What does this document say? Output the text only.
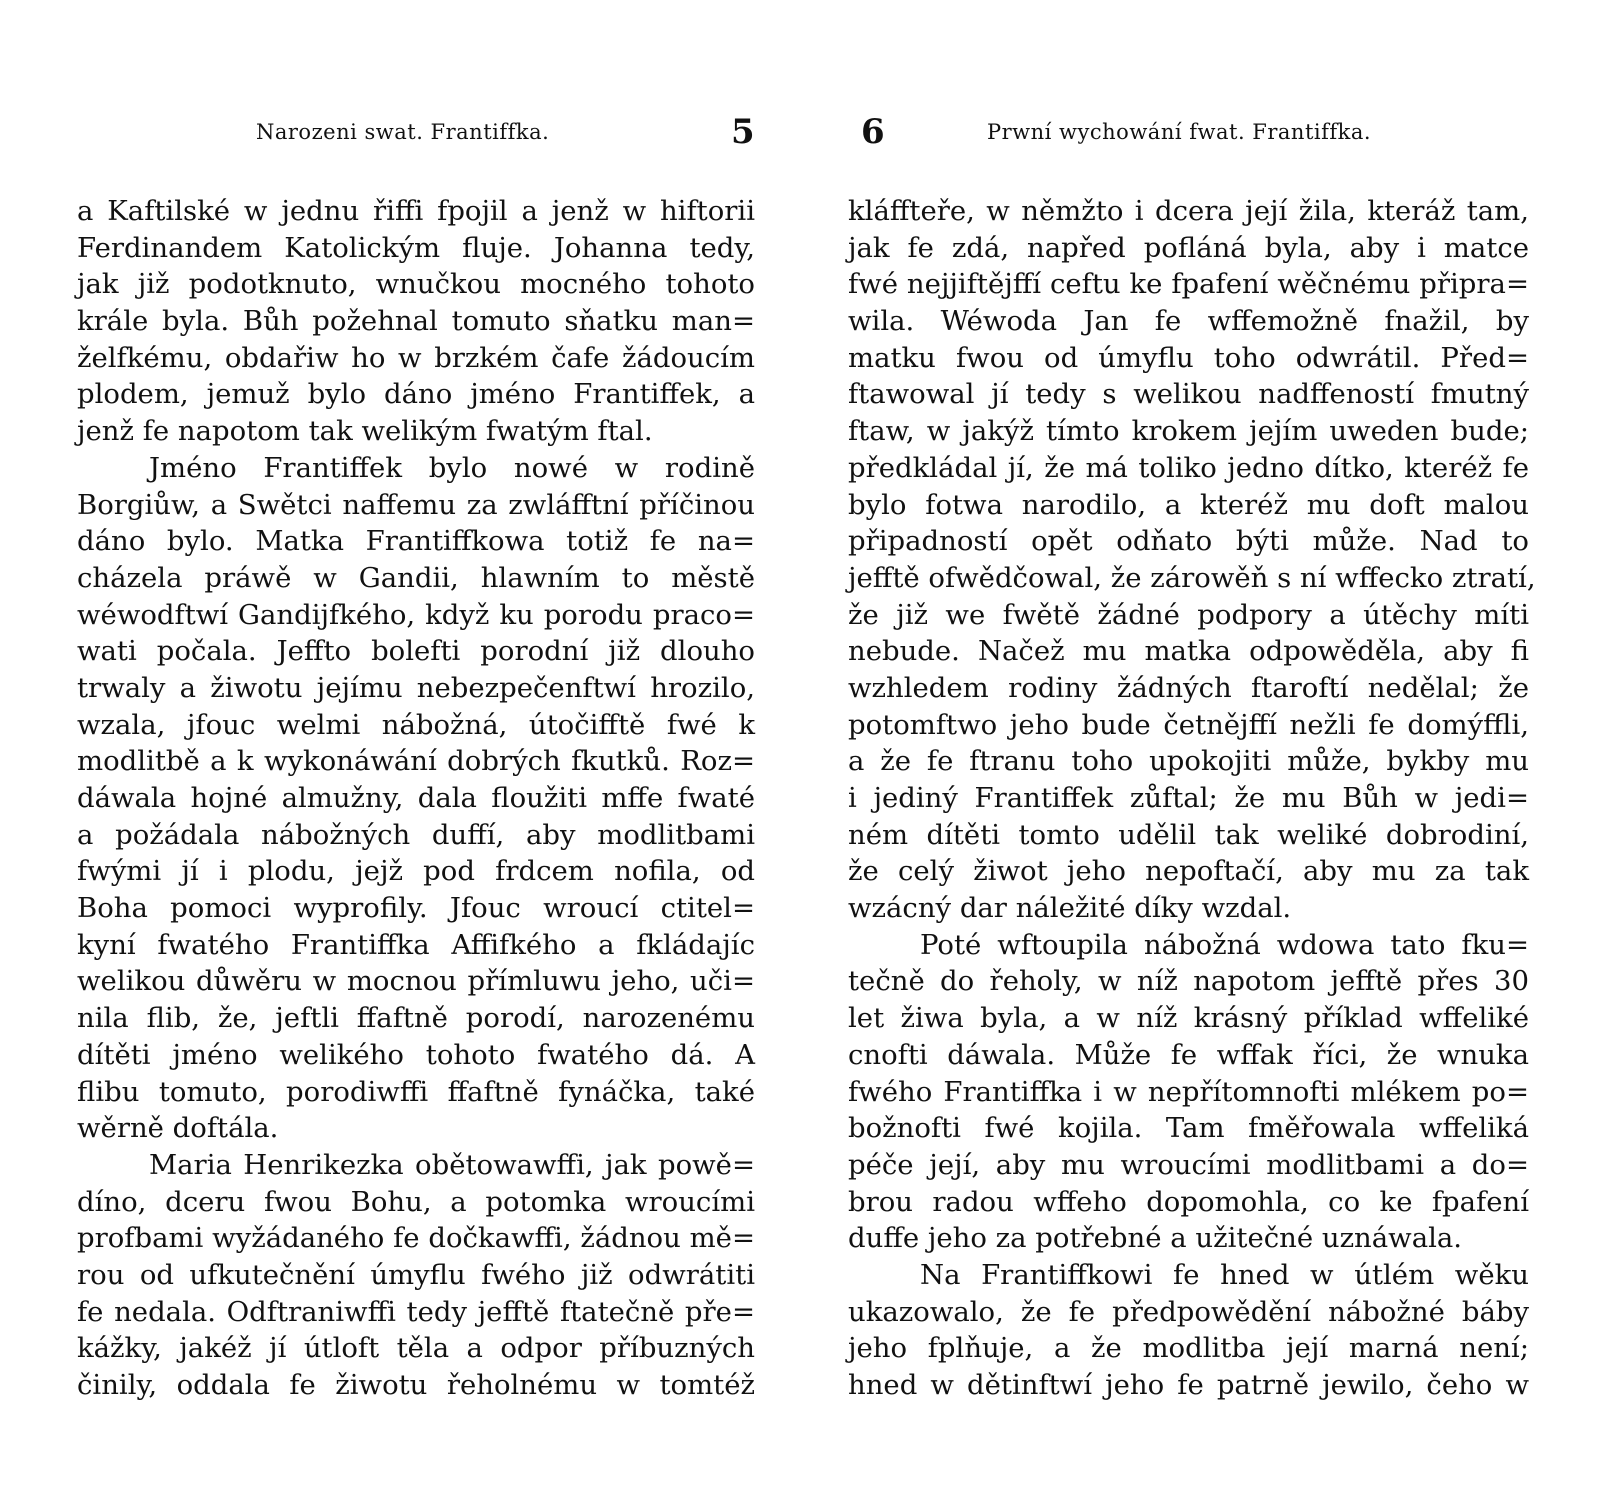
Narozeni swat. Frantiffka.	5
a Kaftilské w jednu řiffi fpojil a jenž w hiftorii
Ferdinandem Katolickým fluje. Johanna tedy,
jak již podotknuto, wnučkou mocného tohoto
krále byla. Bůh požehnal tomuto sňatku man=
želfkému, obdařiw ho w brzkém čafe žádoucím
plodem, jemuž bylo dáno jméno Frantiffek, a
jenž fe napotom tak welikým fwatým ftal.
Jméno Frantiffek bylo nowé w rodině
Borgiůw, a Swětci naffemu za zwláfftní příčinou
dáno bylo. Matka Frantiffkowa totiž fe na=
cházela práwě w Gandii, hlawním to městě
wéwodftwí Gandijfkého, když ku porodu praco=
wati počala. Jeffto bolefti porodní již dlouho
trwaly a žiwotu jejímu nebezpečenftwí hrozilo,
wzala, jfouc welmi nábožná, útočifftě fwé k
modlitbě a k wykonáwání dobrých fkutků. Roz=
dáwala hojné almužny, dala floužiti mffe fwaté
a požádala nábožných duffí, aby modlitbami
fwými jí i plodu, jejž pod frdcem nofila, od
Boha pomoci wyprofily. Jfouc wroucí ctitel=
kyní fwatého Frantiffka Affifkého a fkládajíc
welikou důwěru w mocnou přímluwu jeho, uči=
nila flib, že, jeftli ffaftně porodí, narozenému
dítěti jméno welikého tohoto fwatého dá. A
flibu tomuto, porodiwffi ffaftně fynáčka, také
wěrně doftála.
Maria Henrikezka obětowawffi, jak powě=
díno, dceru fwou Bohu, a potomka wroucími
profbami wyžádaného fe dočkawffi, žádnou mě=
rou od ufkutečnění úmyflu fwého již odwrátiti
fe nedala. Odftraniwffi tedy jefftě ftatečně pře=
kážky, jakéž jí útloft těla a odpor příbuzných
činily, oddala fe žiwotu řeholnému w tomtéž
6	Prwní wychowání fwat. Frantiffka.
kláffteře, w němžto i dcera její žila, kteráž tam,
jak fe zdá, napřed pofláná byla, aby i matce
fwé nejjiftějffí ceftu ke fpafení wěčnému připra=
wila. Wéwoda Jan fe wffemožně fnažil, by
matku fwou od úmyflu toho odwrátil. Před=
ftawowal jí tedy s welikou nadffeností fmutný
ftaw, w jakýž tímto krokem jejím uweden bude;
předkládal jí, že má toliko jedno dítko, kteréž fe
bylo fotwa narodilo, a kteréž mu doft malou
připadností opět odňato býti může. Nad to
jefftě ofwědčowal, že zárowěň s ní wffecko ztratí,
že již we fwětě žádné podpory a útěchy míti
nebude. Načež mu matka odpowěděla, aby fi
wzhledem rodiny žádných ftaroftí nedělal; že
potomftwo jeho bude četnějffí nežli fe domýffli,
a že fe ftranu toho upokojiti může, bykby mu
i jediný Frantiffek zůftal; že mu Bůh w jedi=
ném dítěti tomto udělil tak weliké dobrodiní,
že celý žiwot jeho nepoftačí, aby mu za tak
wzácný dar náležité díky wzdal.
Poté wftoupila nábožná wdowa tato fku=
tečně do řeholy, w níž napotom jefftě přes 30
let žiwa byla, a w níž krásný příklad wffeliké
cnofti dáwala. Může fe wffak říci, že wnuka
fwého Frantiffka i w nepřítomnofti mlékem po=
božnofti fwé kojila. Tam fměřowala wffeliká
péče její, aby mu wroucími modlitbami a do=
brou radou wffeho dopomohla, co ke fpafení
duffe jeho za potřebné a užitečné uznáwala.
Na Frantiffkowi fe hned w útlém wěku
ukazowalo, že fe předpowědění nábožné báby
jeho fplňuje, a že modlitba její marná není;
hned w dětinftwí jeho fe patrně jewilo, čeho w
